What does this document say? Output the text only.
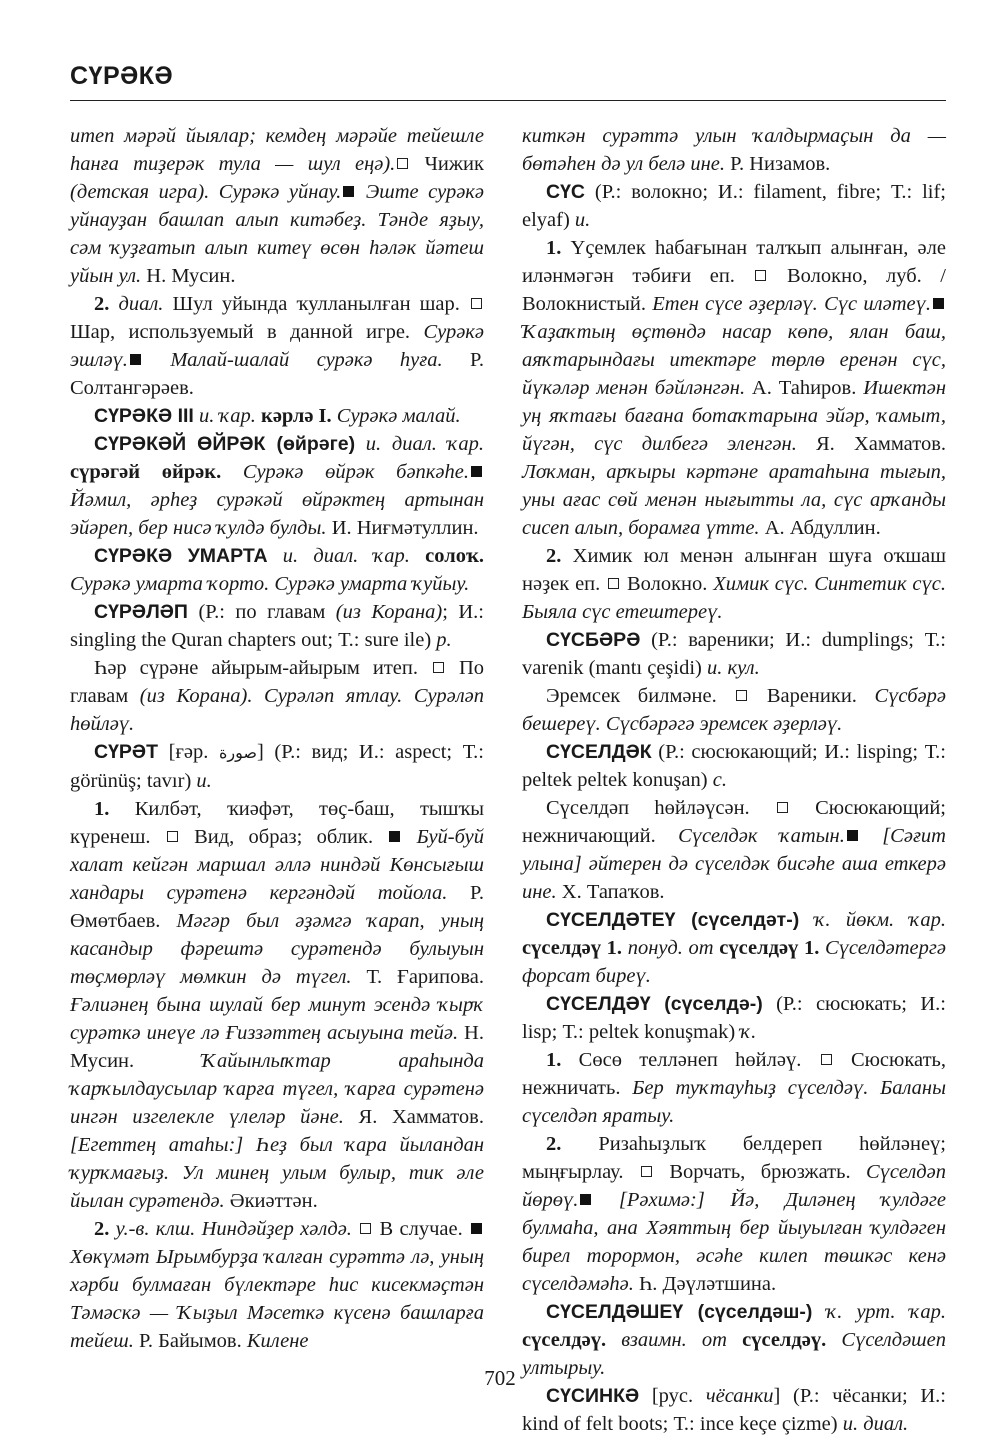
СҮРӘКӘ

итеп мәрәй йыялар; кемдең мәрәйе тейешле һанға тиҙерәк тула — шул еңә). Чижик (детская игра). Сурәкә уйнау. Эште сурәкә уйнауҙан башлап алып китәбеҙ. Тәнде яҙыу, сәм ҡуҙғатып алып китеү өсөн һәләк йәтеш уйын ул. Н. Мусин.

2. диал. Шул уйында ҡулланылған шар.  Шар, используемый в данной игре. Сурәкә эшләү. Малай-шалай сурәкә һуға. Р. Солтангәрәев.

СҮРӘКӘ III и. ҡар. кәрлә I. Сурәкә малай.

СҮРӘКӘЙ ӨЙРӘК (өйрәге) и. диал. ҡар. сүрәгәй өйрәк. Сурәкә өйрәк бәпкәһе. Йәмил, әрһеҙ сурәкәй өйрәктең артынан эйәреп, бер нисә ҡулдә булды. И. Ниғмәтуллин.

СҮРӘКӘ УМАРТА и. диал. ҡар. солоҡ. Сурәкә умарта ҡорто. Сурәкә умарта ҡуйыу.

СҮРӘЛӘП (Р.: по главам (из Корана); И.: singling the Quran chapters out; Т.: sure ile) р.

Һәр сүрәне айырым-айырым итеп.  По главам (из Корана). Сурәләп ятлау. Сурәләп һөйләү.

СҮРӘТ [ғәр. صورة] (Р.: вид; И.: aspect; Т.: görünüş; tavır) и.

1. Килбәт, ҡиәфәт, төҫ-баш, тышҡы күренеш.  Вид, образ; облик.  Буй-буй халат кейгән маршал әллә ниндәй Көнсығыш хандары сурәтенә кергәндәй тойола. Р. Өмөтбаев. Мәгәр был әҙәмгә ҡарап, уның касандыр фәрештә сурәтендә булыуын төҫмөрләү мөмкин дә түгел. Т. Ғарипова. Ғәлиәнең бына шулай бер минут эсендә ҡырҡ сурәткә инеүе лә Ғиззәттең асыуына тейә. Н. Мусин. Ҡайынлыҡтар араһында ҡарҡылдаусылар ҡарға түгел, ҡарға сурәтенә ингән изгелекле үлеләр йәне. Я. Хамматов. [Егеттең атаһы:] Һеҙ был ҡара йыландан ҡурҡмағыҙ. Ул минең улым булыр, тик әле йылан сурәтендә. Әкиәттән.

2. у.-в. клш. Ниндәйҙер хәлдә.  В случае.  Хөкүмәт Ырымбурҙа ҡалған сурәттә лә, уның хәрби булмаған бүлектәре һис кисекмәҫтән Тәмәскә — Ҡыҙыл Мәсеткә күсенә башларға тейеш. Р. Байымов. Килене

киткән сурәттә улын ҡалдырмаҫын да — бөтәһен дә ул белә ине. Р. Низамов.

СҮС (Р.: волокно; И.: filament, fibre; Т.: lif; elyaf) и.

1. Үҫемлек һабағынан талҡып алынған, әле иләнмәгән тәбиғи еп.  Волокно, луб. / Волокнистый. Етен сүсе әҙерләү. Сүс иләтеү. Ҡаҙаҡтың өҫтөндә насар көпө, ялан баш, аяҡтарындағы итектәре төрлө еренән сүс, йүкәләр менән бәйләнгән. А. Таһиров. Ишектән уң яҡтағы бағана ботаҡтарына эйәр, ҡамыт, йүгән, сүс дилбегә эленгән. Я. Хамматов. Лоҡман, арҡыры кәртәне аратаһына тығып, уны ағас сөй менән нығытты ла, сүс арҡанды сисеп алып, борамға үтте. А. Абдуллин.

2. Химик юл менән алынған шуға оҡшаш нәҙек еп.  Волокно. Химик сүс. Синтетик сүс. Быяла сүс етештереү.

СҮСБӘРӘ (Р.: вареники; И.: dumplings; Т.: varenik (mantı çeşidi) и. кул.

Эремсек билмәне.  Вареники. Сүсбәрә бешереү. Сүсбәрәгә эремсек әҙерләү.

СҮСЕЛДӘК (Р.: сюсюкающий; И.: lisping; Т.: peltek peltek konuşan) с.

Сүселдәп һөйләүсән.  Сюсюкающий; нежничающий. Сүселдәк ҡатын. [Сәғит улына] әйтерен дә сүселдәк бисәһе аша еткерә ине. Х. Тапаҡов.

СҮСЕЛДӘТЕҮ (сүселдәт-) ҡ. йөкм. ҡар. сүселдәү 1. понуд. от сүселдәү 1. Сүселдәтергә форсат биреү.

СҮСЕЛДӘҮ (сүселдә-) (Р.: сюсюкать; И.: lisp; Т.: peltek konuşmak) ҡ.

1. Сөсө телләнеп һөйләү.  Сюсюкать, нежничать. Бер туҡтауһыҙ сүселдәү. Баланы сүселдәп яратыу.

2. Ризаһыҙлыҡ белдереп һөйләнеү; мыңғырлау.  Ворчать, брюзжать. Сүселдәп йөрөү. [Рәхимә:] Йә, Диләнең ҡулдәге булмаһа, ана Хәяттың бер йыуылған ҡулдәген бирел торормон, әсәһе килеп төшкәс кенә сүселдәмәһә. Һ. Дәүләтшина.

СҮСЕЛДӘШЕҮ (сүселдәш-) ҡ. урт. ҡар. сүселдәү. взаимн. от сүселдәү. Сүселдәшеп ултырыу.

СҮСИНКӘ [рус. чёсанки] (Р.: чёсанки; И.: kind of felt boots; Т.: ince keçe çizme) и. диал.

702
